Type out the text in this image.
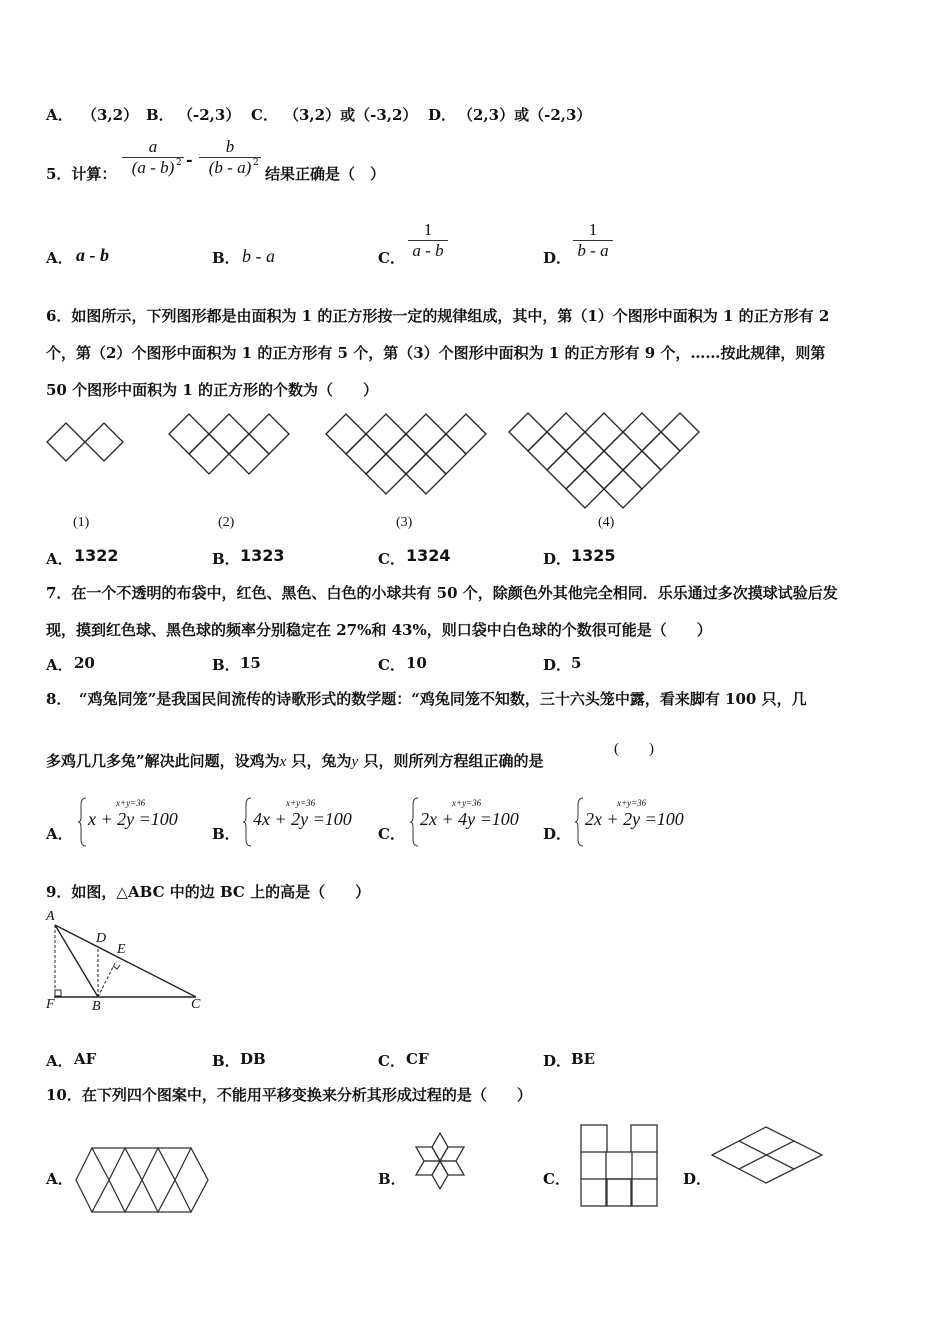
A． （3,2） B． （-2,3） C． （3,2）或（-3,2） D． （2,3）或（-2,3）
5．计算：
a
(a - b) 2 -
b
(b - a) 2
结果正确是（　）
A． a - b	B． b - a	C．
1
a - b	D．
1
b - a
6．如图所示，下列图形都是由面积为 1 的正方形按一定的规律组成，其中，第（1）个图形中面积为 1 的正方形有 2
个，第（2）个图形中面积为 1 的正方形有 5 个，第（3）个图形中面积为 1 的正方形有 9 个，……按此规律，则第
50 个图形中面积为 1 的正方形的个数为（　　）
(1)	(2)	(3)	(4)
A． 1322	B． 1323	C． 1324	D． 1325
7．在一个不透明的布袋中，红色、黑色、白色的小球共有 50 个，除颜色外其他完全相同．乐乐通过多次摸球试验后发
现，摸到红色球、黑色球的频率分别稳定在 27%和 43%，则口袋中白色球的个数很可能是（　　）
A． 20	B． 15	C． 10	D． 5
8．　“鸡兔同笼”是我国民间流传的诗歌形式的数学题：“鸡兔同笼不知数，三十六头笼中露，看来脚有 100 只，几
多鸡几几多兔”解决此问题，设鸡为x 只，兔为y 只，则所列方程组正确的是
(　　)
A．
x+y=36
x + 2y =100
B．
x+y=36
4x + 2y =100
C．
x+y=36
2x + 4y =100
D．
x+y=36
2x + 2y =100
9．如图，△ABC 中的边 BC 上的高是（　　）
A
D
E
F	B	C
A． AF	B． DB	C． CF	D． BE
10．在下列四个图案中，不能用平移变换来分析其形成过程的是（　　）
A．	B．	C．	D．
